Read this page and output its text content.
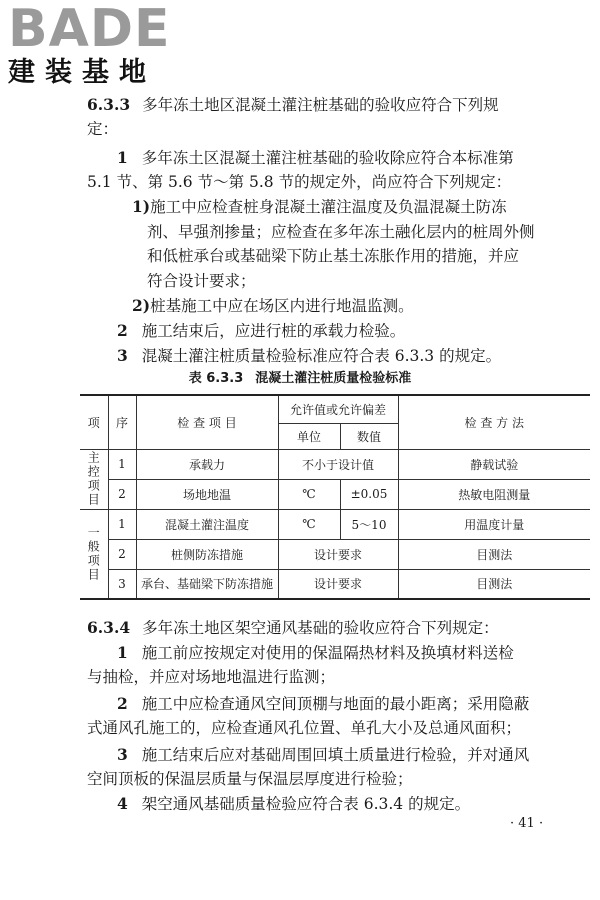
BADE
建装基地
6.3.3 多年冻土地区混凝土灌注桩基础的验收应符合下列规
定：
1 多年冻土区混凝土灌注桩基础的验收除应符合本标准第
5.1 节、第 5.6 节～第 5.8 节的规定外，尚应符合下列规定：
1)施工中应检查桩身混凝土灌注温度及负温混凝土防冻
剂、早强剂掺量；应检查在多年冻土融化层内的桩周外侧
和低桩承台或基础梁下防止基土冻胀作用的措施，并应
符合设计要求；
2)桩基施工中应在场区内进行地温监测。
2 施工结束后，应进行桩的承载力检验。
3 混凝土灌注桩质量检验标准应符合表 6.3.3 的规定。
表 6.3.3 混凝土灌注桩质量检验标准
项	序	检 查 项 目	允许值或允许偏差		检 查 方 法
			单位	数值	
主控项目	1	承载力	不小于设计值		静载试验
	2	场地地温	℃	±0.05	热敏电阻测量
一般项目	1	混凝土灌注温度	℃	5～10	用温度计量
	2	桩侧防冻措施	设计要求		目测法
	3	承台、基础梁下防冻措施	设计要求		目测法
6.3.4 多年冻土地区架空通风基础的验收应符合下列规定：
1 施工前应按规定对使用的保温隔热材料及换填材料送检
与抽检，并应对场地地温进行监测；
2 施工中应检查通风空间顶棚与地面的最小距离；采用隐蔽
式通风孔施工的，应检查通风孔位置、单孔大小及总通风面积；
3 施工结束后应对基础周围回填土质量进行检验，并对通风
空间顶板的保温层质量与保温层厚度进行检验；
4 架空通风基础质量检验应符合表 6.3.4 的规定。
· 41 ·
